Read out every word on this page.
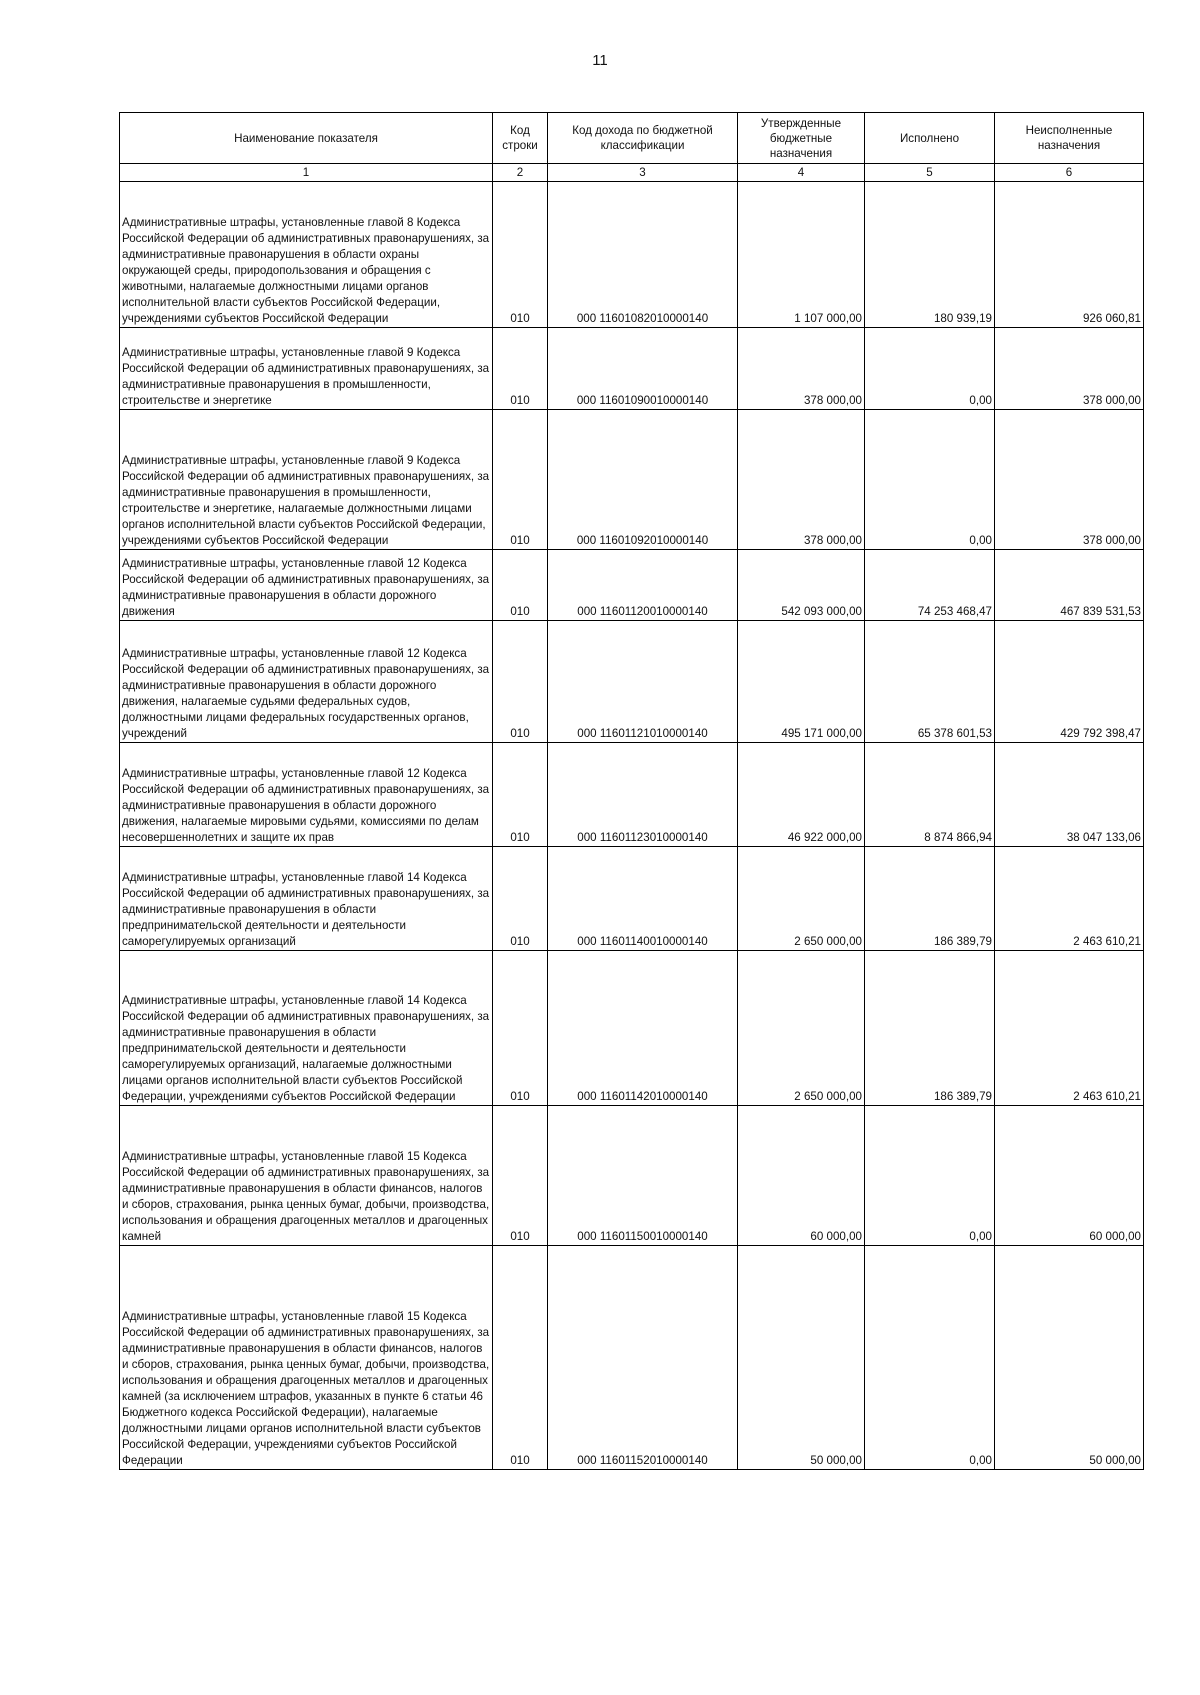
11
Наименование показателя	Код строки	Код дохода по бюджетной классификации	Утвержденные бюджетные назначения	Исполнено	Неисполненные назначения
1	2	3	4	5	6
Административные штрафы, установленные главой 8 Кодекса Российской Федерации об административных правонарушениях, за административные правонарушения в области охраны окружающей среды, природопользования и обращения с животными, налагаемые должностными лицами органов исполнительной власти субъектов Российской Федерации, учреждениями субъектов Российской Федерации	010	000 11601082010000140	1 107 000,00	180 939,19	926 060,81
Административные штрафы, установленные главой 9 Кодекса Российской Федерации об административных правонарушениях, за административные правонарушения в промышленности, строительстве и энергетике	010	000 11601090010000140	378 000,00	0,00	378 000,00
Административные штрафы, установленные главой 9 Кодекса Российской Федерации об административных правонарушениях, за административные правонарушения в промышленности, строительстве и энергетике, налагаемые должностными лицами органов исполнительной власти субъектов Российской Федерации, учреждениями субъектов Российской Федерации	010	000 11601092010000140	378 000,00	0,00	378 000,00
Административные штрафы, установленные главой 12 Кодекса Российской Федерации об административных правонарушениях, за административные правонарушения в области дорожного движения	010	000 11601120010000140	542 093 000,00	74 253 468,47	467 839 531,53
Административные штрафы, установленные главой 12 Кодекса Российской Федерации об административных правонарушениях, за административные правонарушения в области дорожного движения, налагаемые судьями федеральных судов, должностными лицами федеральных государственных органов, учреждений	010	000 11601121010000140	495 171 000,00	65 378 601,53	429 792 398,47
Административные штрафы, установленные главой 12 Кодекса Российской Федерации об административных правонарушениях, за административные правонарушения в области дорожного движения, налагаемые мировыми судьями, комиссиями по делам несовершеннолетних и защите их прав	010	000 11601123010000140	46 922 000,00	8 874 866,94	38 047 133,06
Административные штрафы, установленные главой 14 Кодекса Российской Федерации об административных правонарушениях, за административные правонарушения в области предпринимательской деятельности и деятельности саморегулируемых организаций	010	000 11601140010000140	2 650 000,00	186 389,79	2 463 610,21
Административные штрафы, установленные главой 14 Кодекса Российской Федерации об административных правонарушениях, за административные правонарушения в области предпринимательской деятельности и деятельности саморегулируемых организаций, налагаемые должностными лицами органов исполнительной власти субъектов Российской Федерации, учреждениями субъектов Российской Федерации	010	000 11601142010000140	2 650 000,00	186 389,79	2 463 610,21
Административные штрафы, установленные главой 15 Кодекса Российской Федерации об административных правонарушениях, за административные правонарушения в области финансов, налогов и сборов, страхования, рынка ценных бумаг, добычи, производства, использования и обращения драгоценных металлов и драгоценных камней	010	000 11601150010000140	60 000,00	0,00	60 000,00
Административные штрафы, установленные главой 15 Кодекса Российской Федерации об административных правонарушениях, за административные правонарушения в области финансов, налогов и сборов, страхования, рынка ценных бумаг, добычи, производства, использования и обращения драгоценных металлов и драгоценных камней (за исключением штрафов, указанных в пункте 6 статьи 46 Бюджетного кодекса Российской Федерации), налагаемые должностными лицами органов исполнительной власти субъектов Российской Федерации, учреждениями субъектов Российской Федерации	010	000 11601152010000140	50 000,00	0,00	50 000,00
